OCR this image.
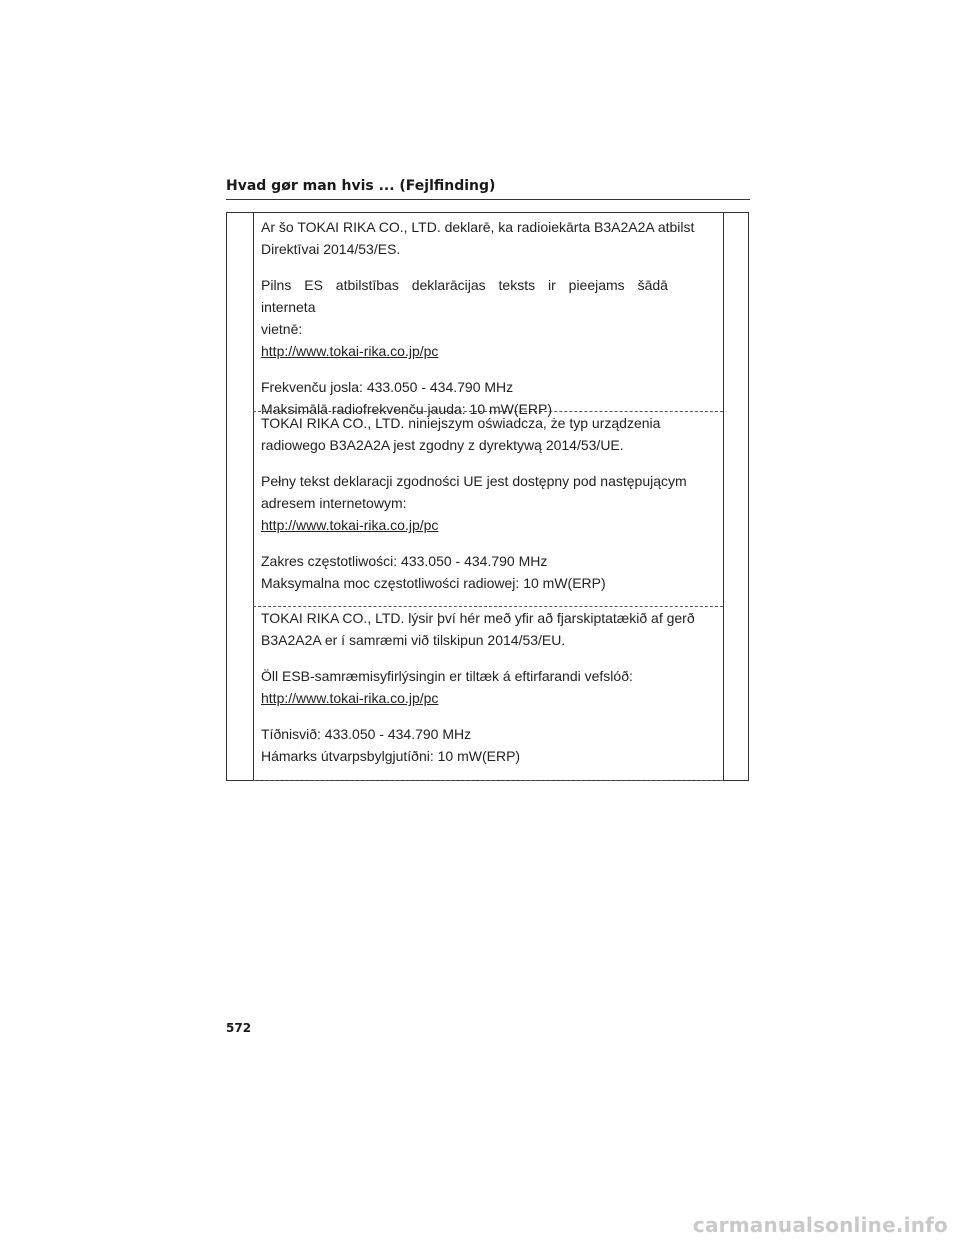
Hvad gør man hvis ... (Fejlfinding)

Ar šo TOKAI RIKA CO., LTD. deklarē, ka radioiekārta B3A2A2A atbilst

Direktīvai 2014/53/ES.

Pilns ES atbilstības deklarācijas teksts ir pieejams šādā interneta

vietnē:

http://www.tokai-rika.co.jp/pc

Frekvenču josla: 433.050 - 434.790 MHz

Maksimālā radiofrekvenču jauda: 10 mW(ERP)

TOKAI RIKA CO., LTD. niniejszym oświadcza, że typ urządzenia

radiowego B3A2A2A jest zgodny z dyrektywą 2014/53/UE.

Pełny tekst deklaracji zgodności UE jest dostępny pod następującym

adresem internetowym:

http://www.tokai-rika.co.jp/pc

Zakres częstotliwości: 433.050 - 434.790 MHz

Maksymalna moc częstotliwości radiowej: 10 mW(ERP)

TOKAI RIKA CO., LTD. lýsir því hér með yfir að fjarskiptatækið af gerð

B3A2A2A er í samræmi við tilskipun 2014/53/EU.

Öll ESB-samræmisyfirlýsingin er tiltæk á eftirfarandi vefslóð:

http://www.tokai-rika.co.jp/pc

Tíðnisvið: 433.050 - 434.790 MHz

Hámarks útvarpsbylgjutíðni: 10 mW(ERP)

572
carmanualsonline.info
